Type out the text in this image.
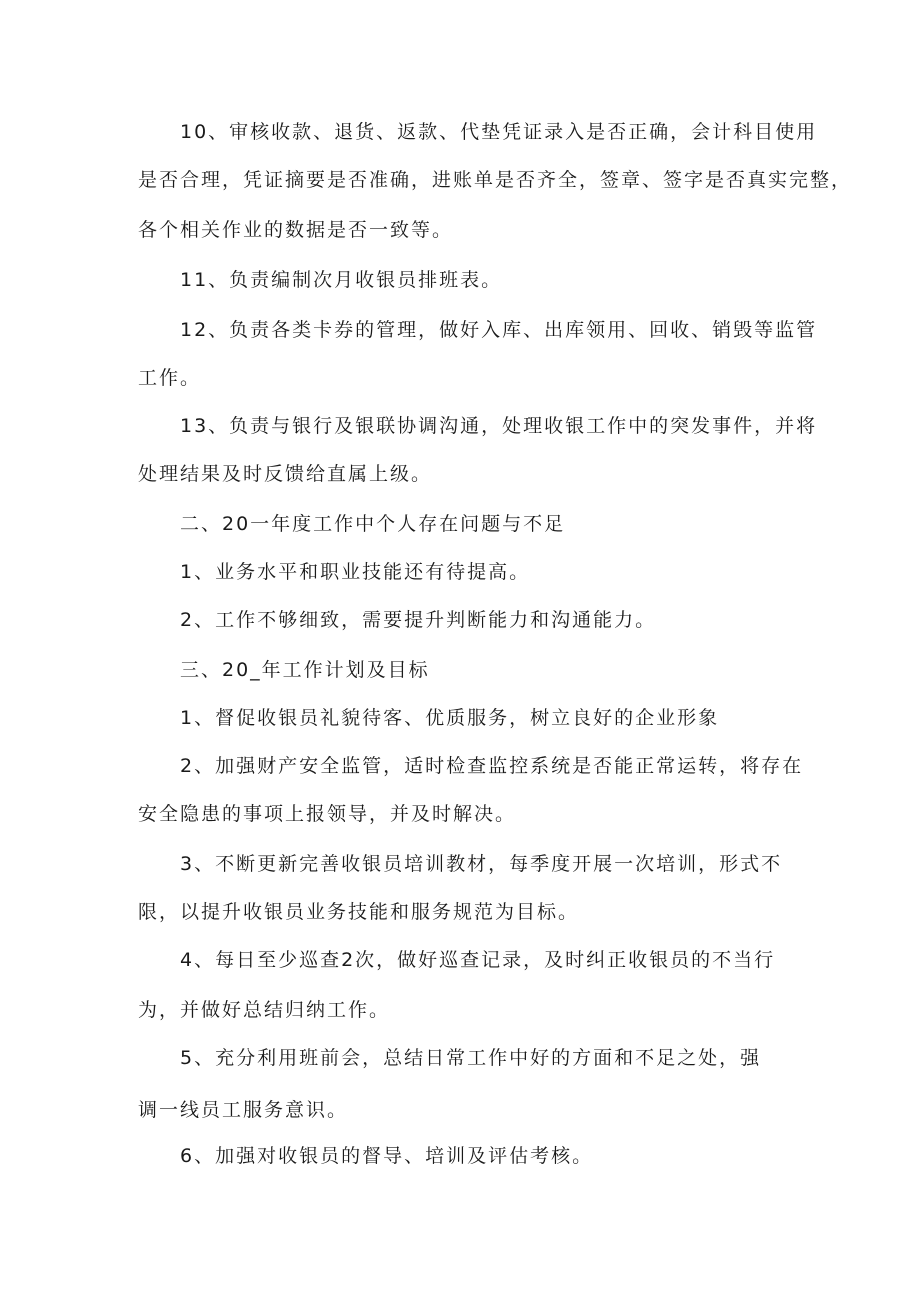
10、审核收款、退货、返款、代垫凭证录入是否正确，会计科目使用
是否合理，凭证摘要是否准确，进账单是否齐全，签章、签字是否真实完整，
各个相关作业的数据是否一致等。
11、负责编制次月收银员排班表。
12、负责各类卡券的管理，做好入库、出库领用、回收、销毁等监管
工作。
13、负责与银行及银联协调沟通，处理收银工作中的突发事件，并将
处理结果及时反馈给直属上级。
二、20一年度工作中个人存在问题与不足
1、业务水平和职业技能还有待提高。
2、工作不够细致，需要提升判断能力和沟通能力。
三、20_年工作计划及目标
1、督促收银员礼貌待客、优质服务，树立良好的企业形象
2、加强财产安全监管，适时检查监控系统是否能正常运转，将存在
安全隐患的事项上报领导，并及时解决。
3、不断更新完善收银员培训教材，每季度开展一次培训，形式不
限，以提升收银员业务技能和服务规范为目标。
4、每日至少巡查2次，做好巡查记录，及时纠正收银员的不当行
为，并做好总结归纳工作。
5、充分利用班前会，总结日常工作中好的方面和不足之处，强
调一线员工服务意识。
6、加强对收银员的督导、培训及评估考核。
